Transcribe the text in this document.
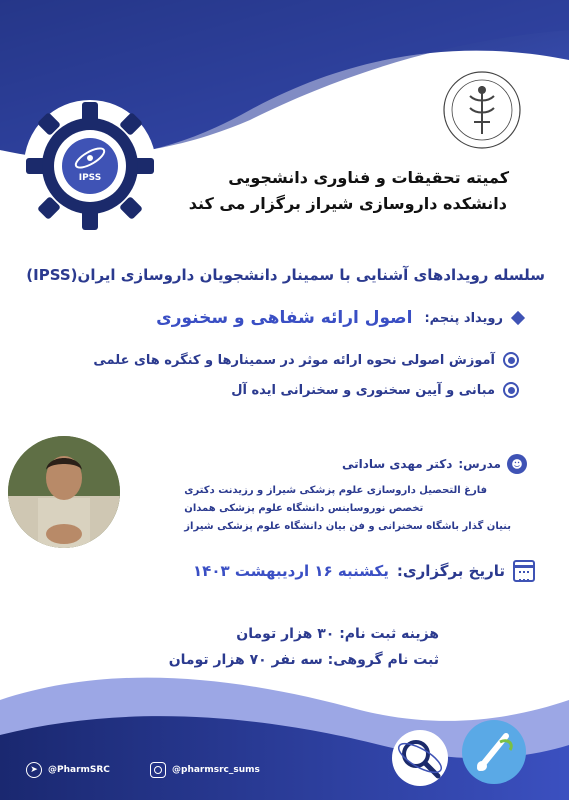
IPSS	کمیته تحقیقات و فناوری دانشجویی
دانشکده داروسازی شیراز برگزار می کند
سلسله رویدادهای آشنایی با سمینار دانشجویان داروسازی ایران(IPSS)
رویداد پنجم:
اصول ارائه شفاهی و سخنوری
آموزش اصولی نحوه ارائه موثر در سمینارها و کنگره های علمی
مبانی و آیین سخنوری و سخنرانی ایده آل
☻
مدرس:
دکتر مهدی ساداتی
فارغ التحصیل داروسازی علوم پزشکی شیراز و رزیدنت دکتری
تخصص نوروساینس دانشگاه علوم پزشکی همدان
بنیان گذار باشگاه سخنرانی و فن بیان دانشگاه علوم پزشکی شیراز
تاریخ برگزاری:
یکشنبه ۱۶ اردیبهشت ۱۴۰۳
هزینه ثبت نام: ۳۰ هزار تومان
ثبت نام گروهی: سه نفر ۷۰ هزار تومان
➤	@PharmSRC	@pharmsrc_sums
